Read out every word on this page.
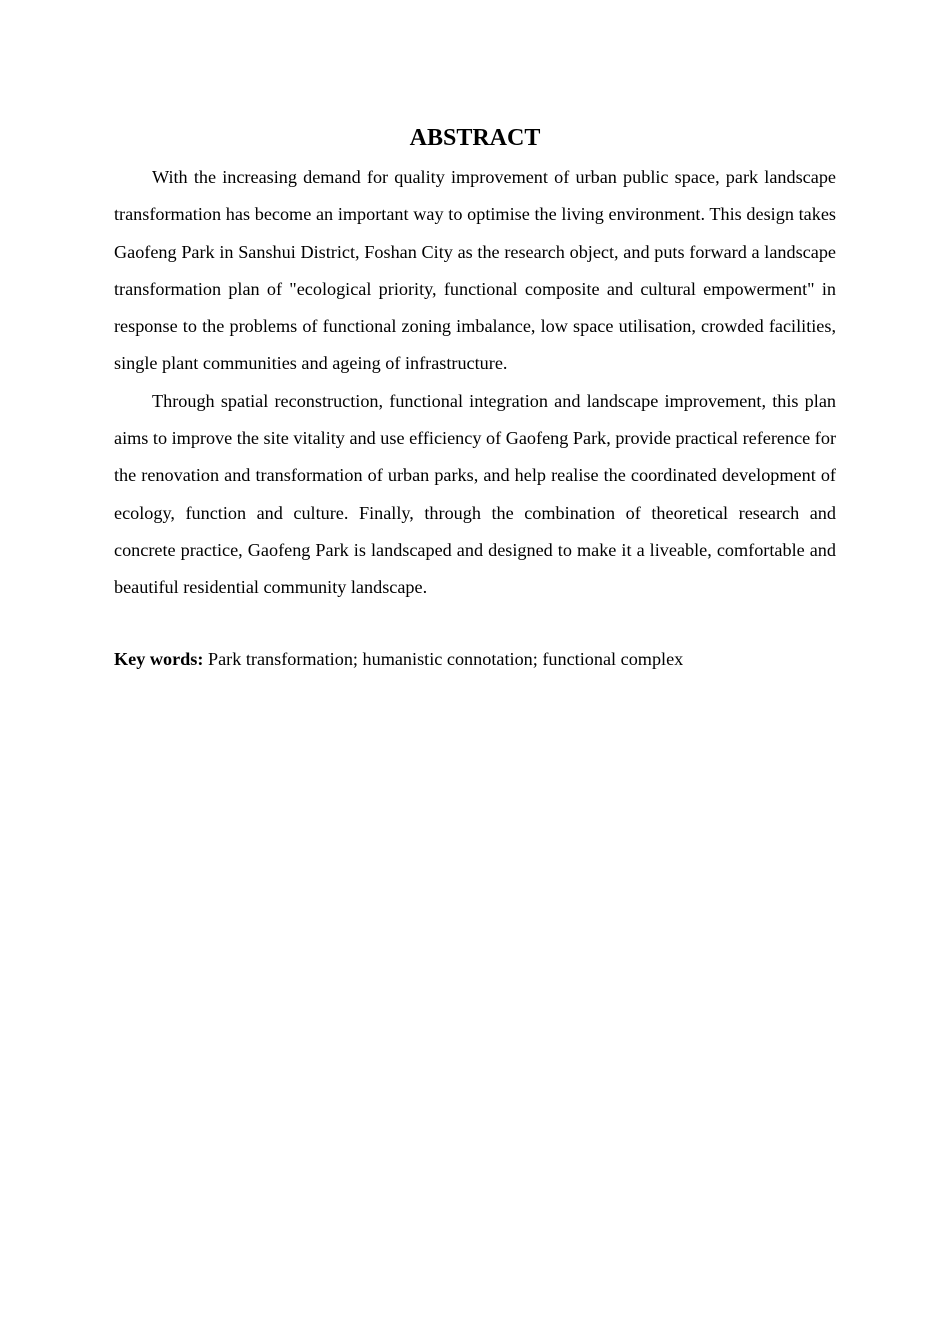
ABSTRACT

With the increasing demand for quality improvement of urban public space, park landscape transformation has become an important way to optimise the living environment. This design takes Gaofeng Park in Sanshui District, Foshan City as the research object, and puts forward a landscape transformation plan of "ecological priority, functional composite and cultural empowerment" in response to the problems of functional zoning imbalance, low space utilisation, crowded facilities, single plant communities and ageing of infrastructure.

Through spatial reconstruction, functional integration and landscape improvement, this plan aims to improve the site vitality and use efficiency of Gaofeng Park, provide practical reference for the renovation and transformation of urban parks, and help realise the coordinated development of ecology, function and culture. Finally, through the combination of theoretical research and concrete practice, Gaofeng Park is landscaped and designed to make it a liveable, comfortable and beautiful residential community landscape.

Key words: Park transformation; humanistic connotation; functional complex
